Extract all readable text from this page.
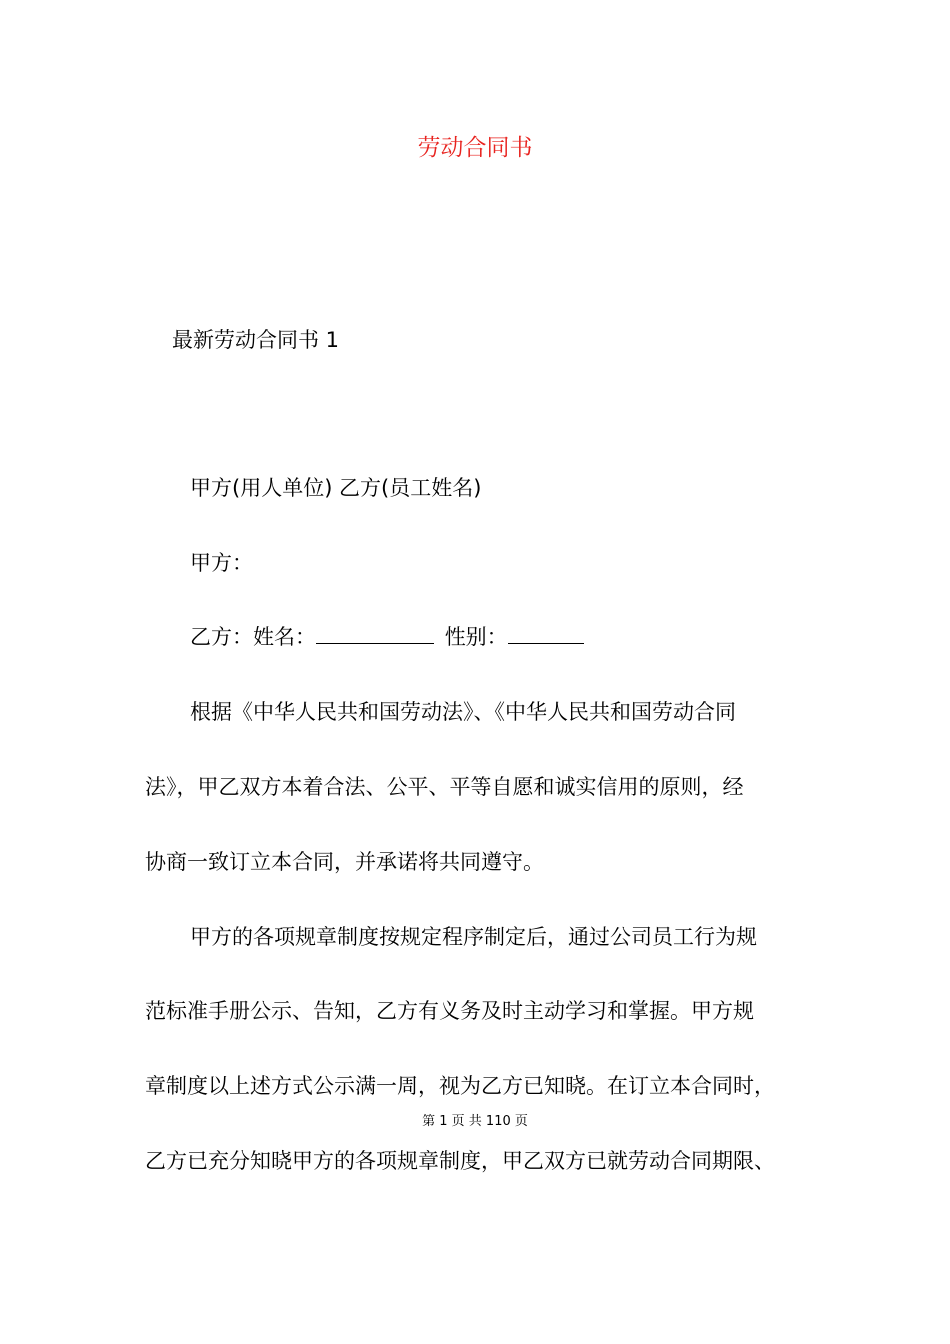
劳动合同书
最新劳动合同书 1
甲方(用人单位) 乙方(员工姓名)
甲方：
乙方：姓名：	性别：
根据《中华人民共和国劳动法》、《中华人民共和国劳动合同
法》，甲乙双方本着合法、公平、平等自愿和诚实信用的原则，经
协商一致订立本合同，并承诺将共同遵守。
甲方的各项规章制度按规定程序制定后，通过公司员工行为规
范标准手册公示、告知，乙方有义务及时主动学习和掌握。甲方规
章制度以上述方式公示满一周，视为乙方已知晓。在订立本合同时，
第 1 页 共 110 页
乙方已充分知晓甲方的各项规章制度，甲乙双方已就劳动合同期限、
